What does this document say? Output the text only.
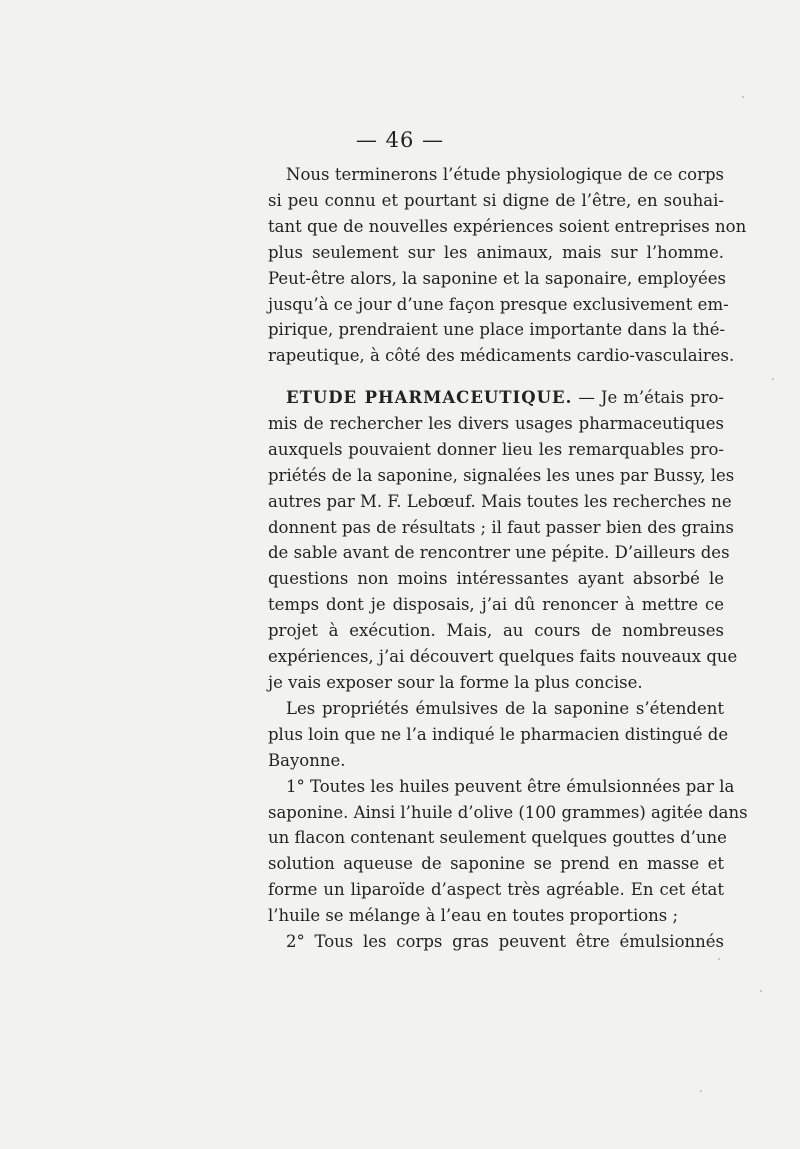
— 46 —

Nous terminerons l’étude physiologique de ce corps
si peu connu et pourtant si digne de l’être, en souhai-
tant que de nouvelles expériences soient entreprises non
plus seulement sur les animaux, mais sur l’homme.
Peut-être alors, la saponine et la saponaire, employées
jusqu’à ce jour d’une façon presque exclusivement em-
pirique, prendraient une place importante dans la thé-
rapeutique, à côté des médicaments cardio-vasculaires.

ETUDE PHARMACEUTIQUE. — Je m’étais pro-
mis de rechercher les divers usages pharmaceutiques
auxquels pouvaient donner lieu les remarquables pro-
priétés de la saponine, signalées les unes par Bussy, les
autres par M. F. Lebœuf. Mais toutes les recherches ne
donnent pas de résultats ; il faut passer bien des grains
de sable avant de rencontrer une pépite. D’ailleurs des
questions non moins intéressantes ayant absorbé le
temps dont je disposais, j’ai dû renoncer à mettre ce
projet à exécution. Mais, au cours de nombreuses
expériences, j’ai découvert quelques faits nouveaux que
je vais exposer sour la forme la plus concise.

Les propriétés émulsives de la saponine s’étendent
plus loin que ne l’a indiqué le pharmacien distingué de
Bayonne.

1° Toutes les huiles peuvent être émulsionnées par la
saponine. Ainsi l’huile d’olive (100 grammes) agitée dans
un flacon contenant seulement quelques gouttes d’une
solution aqueuse de saponine se prend en masse et
forme un liparoïde d’aspect très agréable. En cet état
l’huile se mélange à l’eau en toutes proportions ;

2° Tous les corps gras peuvent être émulsionnés
